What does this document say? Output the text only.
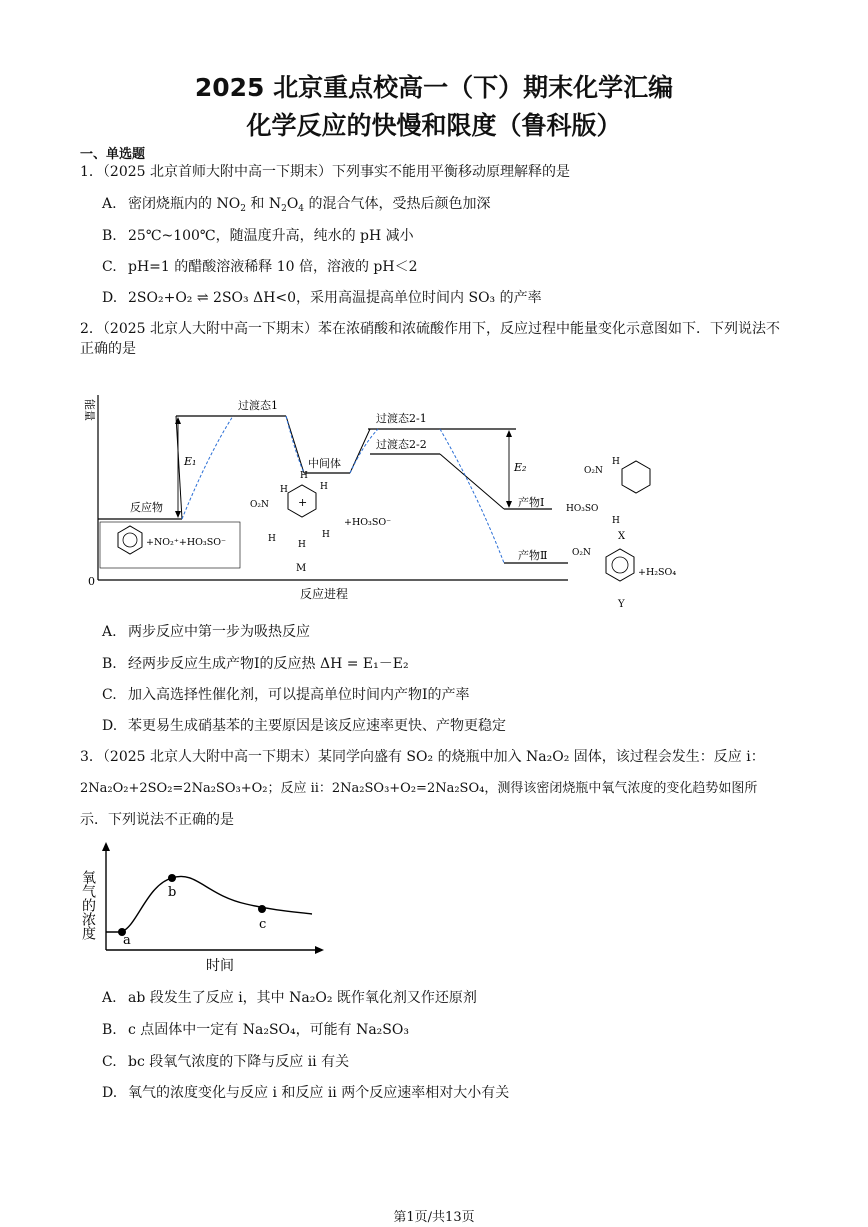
2025 北京重点校高一（下）期末化学汇编
化学反应的快慢和限度（鲁科版）
一、单选题
1．（2025 北京首师大附中高一下期末）下列事实不能用平衡移动原理解释的是
A. 密闭烧瓶内的 $NO_2$ 和 $N_2O_4$ 的混合气体，受热后颜色加深
B. 25℃~100℃，随温度升高，纯水的 pH 减小
C. pH=1 的醋酸溶液稀释 10 倍，溶液的 pH＜2
D. 2SO₂+O₂ ⇌ 2SO₃ ΔH<0，采用高温提高单位时间内 SO₃ 的产率
2．（2025 北京人大附中高一下期末）苯在浓硝酸和浓硫酸作用下，反应过程中能量变化示意图如下．下列说法不正确的是
能量
0
反应进程
E₁	E₂
反应物
过渡态1
中间体
过渡态2-1
过渡态2-2
产物Ⅰ
产物Ⅱ
+NO₂⁺+HO₃SO⁻
+
O₂N
H
H
H
H
H
H
+HO₃SO⁻
M
O₂N
H
HO₃SO
H
X
O₂N
+H₂SO₄
Y
A. 两步反应中第一步为吸热反应
B. 经两步反应生成产物Ⅰ的反应热 ΔH = E₁－E₂
C. 加入高选择性催化剂，可以提高单位时间内产物Ⅰ的产率
D. 苯更易生成硝基苯的主要原因是该反应速率更快、产物更稳定
3．（2025 北京人大附中高一下期末）某同学向盛有 SO₂ 的烧瓶中加入 Na₂O₂ 固体，该过程会发生：反应 i：
2Na₂O₂+2SO₂=2Na₂SO₃+O₂；反应 ii：2Na₂SO₃+O₂=2Na₂SO₄，测得该密闭烧瓶中氧气浓度的变化趋势如图所
示．下列说法不正确的是
氧气的浓度
时间
a
b
c
A. ab 段发生了反应 i，其中 Na₂O₂ 既作氧化剂又作还原剂
B. c 点固体中一定有 Na₂SO₄，可能有 Na₂SO₃
C. bc 段氧气浓度的下降与反应 ii 有关
D. 氧气的浓度变化与反应 i 和反应 ii 两个反应速率相对大小有关
第1页/共13页
